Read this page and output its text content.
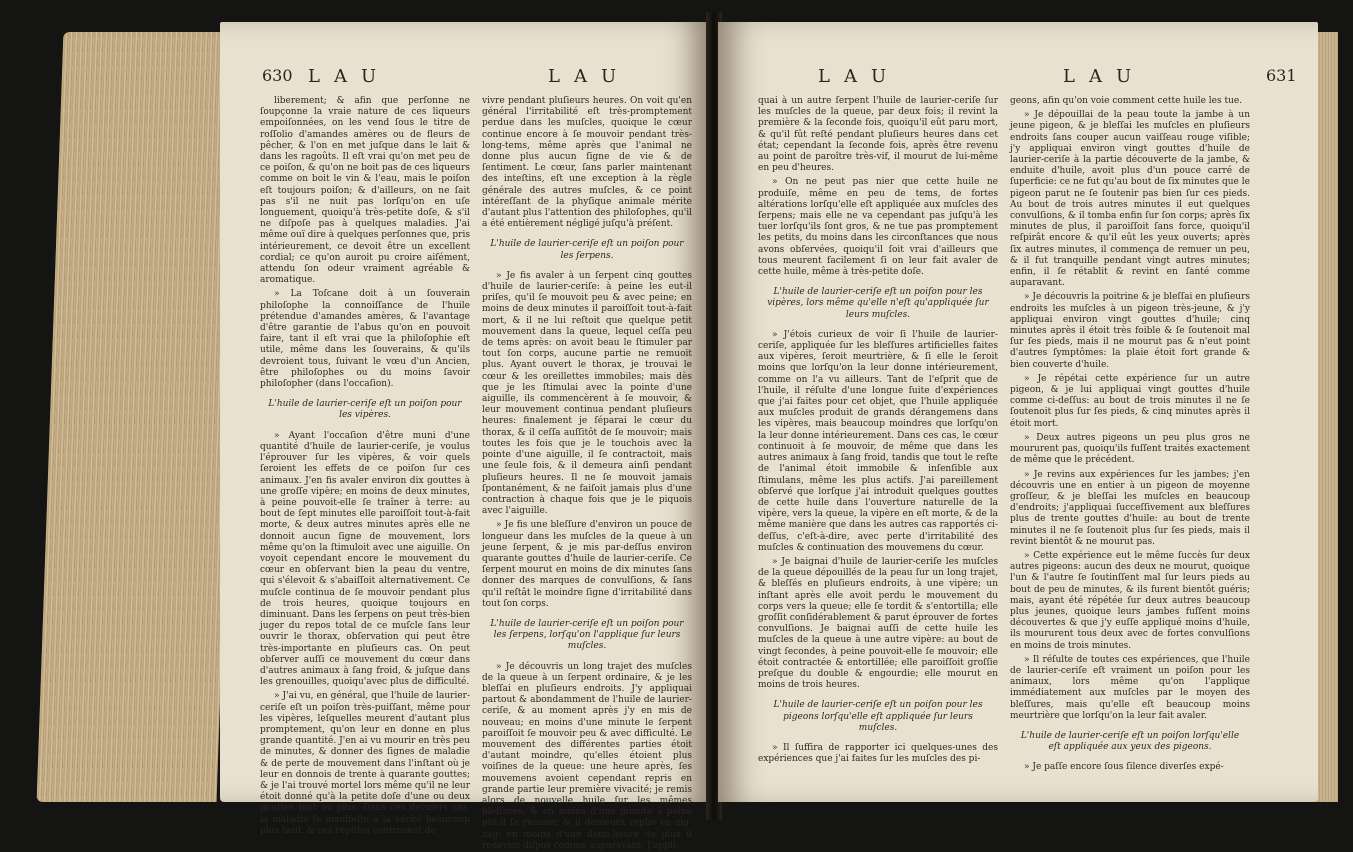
630 LAU	LAU

liberement; & afin que perſonne ne ſoupçonne la vraie nature de ces liqueurs empoiſonnées, on les vend ſous le titre de roſſolio d'amandes amères ou de fleurs de pêcher, & l'on en met juſque dans le lait & dans les ragoûts. Il eſt vrai qu'on met peu de ce poiſon, & qu'on ne boit pas de ces liqueurs comme on boit le vin & l'eau, mais le poiſon eſt toujours poiſon; & d'ailleurs, on ne ſait pas s'il ne nuit pas lorſqu'on en uſe longuement, quoiqu'à très-petite doſe, & s'il ne diſpoſe pas à quelques maladies. J'ai même ouï dire à quelques perſonnes que, pris intérieurement, ce devoit être un excellent cordial; ce qu'on auroit pu croire aiſément, attendu ſon odeur vraiment agréable & aromatique.

» La Toſcane doit à un ſouverain philoſophe la connoiſſance de l'huile prétendue d'amandes amères, & l'avantage d'être garantie de l'abus qu'on en pouvoit faire, tant il eſt vrai que la philoſophie eſt utile, même dans les ſouverains, & qu'ils devroient tous, ſuivant le vœu d'un Ancien, être philoſophes ou du moins ſavoir philoſopher (dans l'occaſion).

L'huile de laurier-ceriſe eſt un poiſon pour les vipères.

» Ayant l'occaſion d'être muni d'une quantité d'huile de laurier-ceriſe, je voulus l'éprouver ſur les vipères, & voir quels ſeroient les effets de ce poiſon ſur ces animaux. J'en fis avaler environ dix gouttes à une groſſe vipère; en moins de deux minutes, à peine pouvoit-elle ſe traîner à terre: au bout de ſept minutes elle paroiſſoit tout-à-fait morte, & deux autres minutes après elle ne donnoit aucun ſigne de mouvement, lors même qu'on la ſtimuloit avec une aiguille. On voyoit cependant encore le mouvement du cœur en obſervant bien la peau du ventre, qui s'élevoit & s'abaiſſoit alternativement. Ce muſcle continua de ſe mouvoir pendant plus de trois heures, quoique toujours en diminuant. Dans les ſerpens on peut très-bien juger du repos total de ce muſcle ſans leur ouvrir le thorax, obſervation qui peut être très-importante en pluſieurs cas. On peut obſerver auſſi ce mouvement du cœur dans d'autres animaux à ſang froid, & juſque dans les grenouilles, quoiqu'avec plus de difficulté.

» J'ai vu, en général, que l'huile de laurier-ceriſe eſt un poiſon très-puiſſant, même pour les vipères, leſquelles meurent d'autant plus promptement, qu'on leur en donne en plus grande quantité. J'en ai vu mourir en très peu de minutes, & donner des ſignes de maladie & de perte de mouvement dans l'inſtant où je leur en donnois de trente à quarante gouttes; & je l'ai trouvé mortel lors même qu'il ne leur étoit donné qu'à la petite doſe d'une ou deux gouttes tout au plus. Dans ces derniers cas, la maladie ſe manifeſte à la vérité beaucoup plus tard, & ces reptiles continuent de

vivre pendant pluſieurs heures. On voit qu'en général l'irritabilité eſt très-promptement perdue dans les muſcles, quoique le cœur continue encore à ſe mouvoir pendant très-long-tems, même après que l'animal ne donne plus aucun ſigne de vie & de ſentiment. Le cœur, ſans parler maintenant des inteſtins, eſt une exception à la règle générale des autres muſcles, & ce point intéreſſant de la phyſique animale mérite d'autant plus l'attention des philoſophes, qu'il a été entièrement négligé juſqu'à préſent.

L'huile de laurier-ceriſe eſt un poiſon pour les ſerpens.

» Je fis avaler à un ſerpent cinq gouttes d'huile de laurier-ceriſe: à peine les eut-il priſes, qu'il ſe mouvoit peu & avec peine; en moins de deux minutes il paroiſſoit tout-à-fait mort, & il ne lui reſtoit que quelque petit mouvement dans la queue, lequel ceſſa peu de tems après: on avoit beau le ſtimuler par tout ſon corps, aucune partie ne remuoit plus. Ayant ouvert le thorax, je trouvai le cœur & les oreillettes immobiles; mais dès que je les ſtimulai avec la pointe d'une aiguille, ils commencèrent à ſe mouvoir, & leur mouvement continua pendant pluſieurs heures: finalement je ſéparai le cœur du thorax, & il ceſſa auſſitôt de ſe mouvoir; mais toutes les fois que je le touchois avec la pointe d'une aiguille, il ſe contractoit, mais une ſeule fois, & il demeura ainſi pendant pluſieurs heures. Il ne ſe mouvoit jamais ſpontanément, & ne faiſoit jamais plus d'une contraction à chaque fois que je le piquois avec l'aiguille.

» Je fis une bleſſure d'environ un pouce de longueur dans les muſcles de la queue à un jeune ſerpent, & je mis par-deſſus environ quarante gouttes d'huile de laurier-ceriſe. Ce ſerpent mourut en moins de dix minutes ſans donner des marques de convulſions, & ſans qu'il reſtât le moindre ſigne d'irritabilité dans tout ſon corps.

L'huile de laurier-ceriſe eſt un poiſon pour les ſerpens, lorſqu'on l'applique ſur leurs muſcles.

» Je découvris un long trajet des muſcles de la queue à un ſerpent ordinaire, & je les bleſſai en pluſieurs endroits. J'y appliquai partout & abondamment de l'huile de laurier-ceriſe, & au moment après j'y en mis de nouveau; en moins d'une minute le ſerpent paroiſſoit ſe mouvoir peu & avec difficulté. Le mouvement des différentes parties étoit d'autant moindre, qu'elles étoient plus voiſines de la queue: une heure après, ſes mouvemens avoient cependant repris en grande partie leur première vivacité; je remis alors de nouvelle huile ſur les mêmes bleſſures, & en moins d'une minute à peine pût-il ſe remuer, & il demeura replié en zig-zag: en moins d'une demi-heure de plus il redevint diſpos comme auparavant. J'appli-

LAU	LAU	631

quai à un autre ſerpent l'huile de laurier-ceriſe ſur les muſcles de la queue, par deux fois; il revint la première & la ſeconde fois, quoiqu'il eût paru mort, & qu'il fût reſté pendant pluſieurs heures dans cet état; cependant la ſeconde fois, après être revenu au point de paroître très-vif, il mourut de lui-même en peu d'heures.

» On ne peut pas nier que cette huile ne produiſe, même en peu de tems, de fortes altérations lorſqu'elle eſt appliquée aux muſcles des ſerpens; mais elle ne va cependant pas juſqu'à les tuer lorſqu'ils ſont gros, & ne tue pas promptement les petits, du moins dans les circonſtances que nous avons obſervées, quoiqu'il ſoit vrai d'ailleurs que tous meurent facilement ſi on leur fait avaler de cette huile, même à très-petite doſe.

L'huile de laurier-ceriſe eſt un poiſon pour les vipères, lors même qu'elle n'eſt qu'appliquée ſur leurs muſcles.

» J'étois curieux de voir ſi l'huile de laurier-ceriſe, appliquée ſur les bleſſures artificielles faites aux vipères, ſeroit meurtrière, & ſi elle le ſeroit moins que lorſqu'on la leur donne intérieurement, comme on l'a vu ailleurs. Tant de l'eſprit que de l'huile, il réſulte d'une longue ſuite d'expériences que j'ai faites pour cet objet, que l'huile appliquée aux muſcles produit de grands dérangemens dans les vipères, mais beaucoup moindres que lorſqu'on la leur donne intérieurement. Dans ces cas, le cœur continuoit à ſe mouvoir, de même que dans les autres animaux à ſang froid, tandis que tout le reſte de l'animal étoit immobile & inſenſible aux ſtimulans, même les plus actifs. J'ai pareillement obſervé que lorſque j'ai introduit quelques gouttes de cette huile dans l'ouverture naturelle de la vipère, vers la queue, la vipère en eſt morte, & de la même manière que dans les autres cas rapportés ci-deſſus, c'eſt-à-dire, avec perte d'irritabilité des muſcles & continuation des mouvemens du cœur.

» Je baignai d'huile de laurier-ceriſe les muſcles de la queue dépouillés de la peau ſur un long trajet, & bleſſés en pluſieurs endroits, à une vipère; un inſtant après elle avoit perdu le mouvement du corps vers la queue; elle ſe tordit & s'entortilla; elle groſſit conſidérablement & parut éprouver de fortes convulſions. Je baignai auſſi de cette huile les muſcles de la queue à une autre vipère: au bout de vingt ſecondes, à peine pouvoit-elle ſe mouvoir; elle étoit contractée & entortillée; elle paroiſſoit groſſie preſque du double & engourdie; elle mourut en moins de trois heures.

L'huile de laurier-ceriſe eſt un poiſon pour les pigeons lorſqu'elle eſt appliquée ſur leurs muſcles.

» Il ſuffira de rapporter ici quelques-unes des expériences que j'ai faites ſur les muſcles des pi-

geons, afin qu'on voie comment cette huile les tue.

» Je dépouillai de la peau toute la jambe à un jeune pigeon, & je bleſſai les muſcles en pluſieurs endroits ſans couper aucun vaiſſeau rouge viſible; j'y appliquai environ vingt gouttes d'huile de laurier-ceriſe à la partie découverte de la jambe, & enduite d'huile, avoit plus d'un pouce carré de ſuperficie: ce ne fut qu'au bout de ſix minutes que le pigeon parut ne ſe ſoutenir pas bien ſur ces pieds. Au bout de trois autres minutes il eut quelques convulſions, & il tomba enfin ſur ſon corps; après ſix minutes de plus, il paroiſſoit ſans force, quoiqu'il reſpirât encore & qu'il eût les yeux ouverts; après ſix autres minutes, il commença de remuer un peu, & il fut tranquille pendant vingt autres minutes; enfin, il ſe rétablit & revint en ſanté comme auparavant.

» Je découvris la poitrine & je bleſſai en pluſieurs endroits les muſcles à un pigeon très-jeune, & j'y appliquai environ vingt gouttes d'huile; cinq minutes après il étoit très foible & ſe ſoutenoit mal ſur ſes pieds, mais il ne mourut pas & n'eut point d'autres ſymptômes: la plaie étoit fort grande & bien couverte d'huile.

» Je répétai cette expérience ſur un autre pigeon, & je lui appliquai vingt gouttes d'huile comme ci-deſſus: au bout de trois minutes il ne ſe ſoutenoit plus ſur ſes pieds, & cinq minutes après il étoit mort.

» Deux autres pigeons un peu plus gros ne moururent pas, quoiqu'ils fuſſent traités exactement de même que le précédent.

» Je revins aux expériences ſur les jambes; j'en découvris une en entier à un pigeon de moyenne groſſeur, & je bleſſai les muſcles en beaucoup d'endroits; j'appliquai ſucceſſivement aux bleſſures plus de trente gouttes d'huile: au bout de trente minutes il ne ſe ſoutenoit plus ſur ſes pieds, mais il revint bientôt & ne mourut pas.

» Cette expérience eut le même ſuccès ſur deux autres pigeons: aucun des deux ne mourut, quoique l'un & l'autre ſe ſoutinſſent mal ſur leurs pieds au bout de peu de minutes, & ils furent bientôt guéris; mais, ayant été répétée ſur deux autres beaucoup plus jeunes, quoique leurs jambes fuſſent moins découvertes & que j'y euſſe appliqué moins d'huile, ils moururent tous deux avec de fortes convulſions en moins de trois minutes.

» Il réſulte de toutes ces expériences, que l'huile de laurier-ceriſe eſt vraiment un poiſon pour les animaux, lors même qu'on l'applique immédiatement aux muſcles par le moyen des bleſſures, mais qu'elle eſt beaucoup moins meurtrière que lorſqu'on la leur fait avaler.

L'huile de laurier-ceriſe eſt un poiſon lorſqu'elle eſt appliquée aux yeux des pigeons.

» Je paſſe encore ſous ſilence diverſes expé-
